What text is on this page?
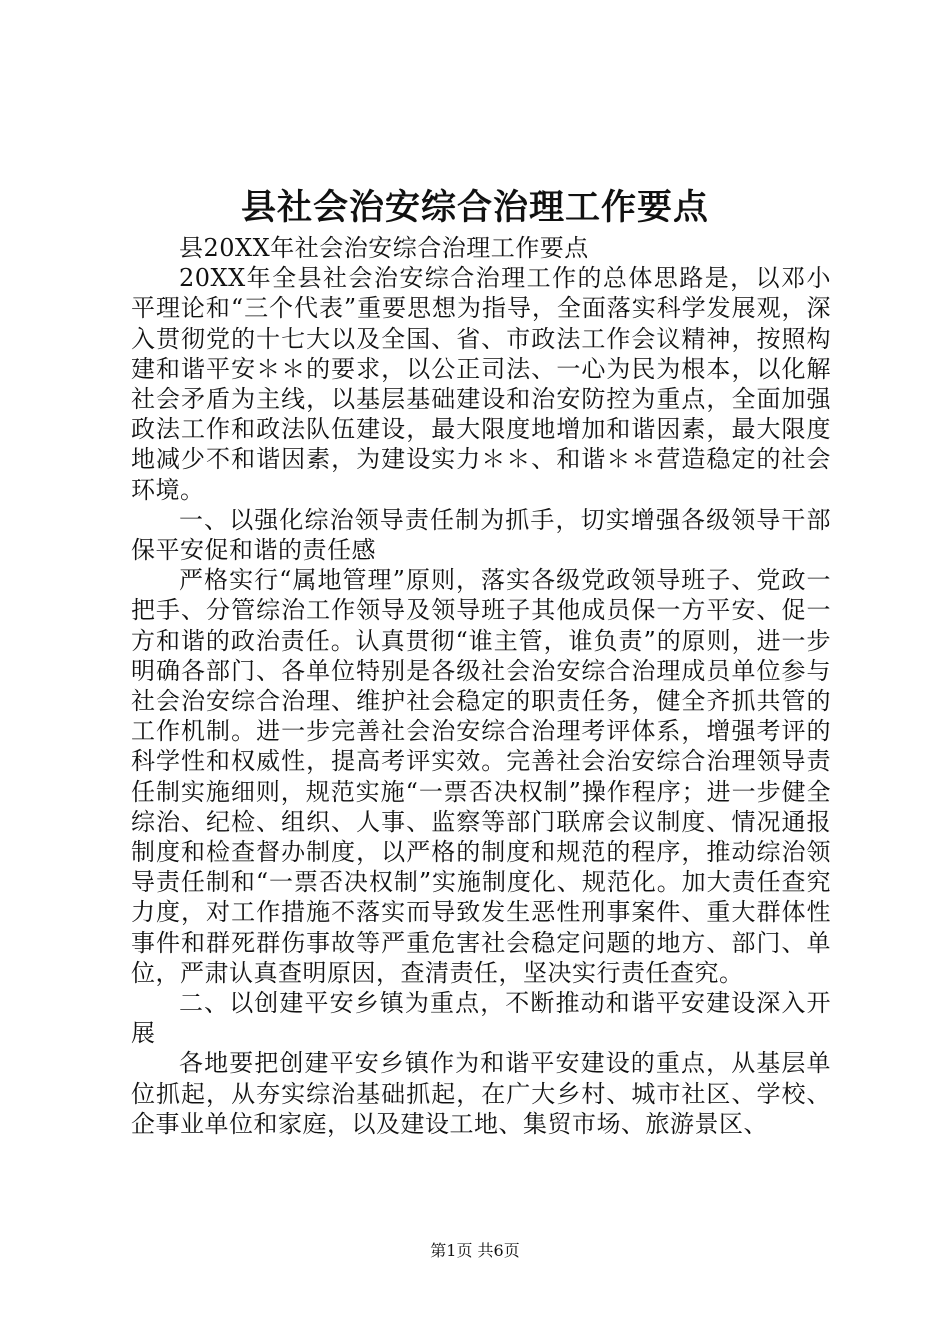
县社会治安综合治理工作要点

县20XX年社会治安综合治理工作要点

20XX年全县社会治安综合治理工作的总体思路是，以邓小平理论和“三个代表”重要思想为指导，全面落实科学发展观，深入贯彻党的十七大以及全国、省、市政法工作会议精神，按照构建和谐平安＊＊的要求，以公正司法、一心为民为根本，以化解社会矛盾为主线，以基层基础建设和治安防控为重点，全面加强政法工作和政法队伍建设，最大限度地增加和谐因素，最大限度地减少不和谐因素，为建设实力＊＊、和谐＊＊营造稳定的社会环境。

一、以强化综治领导责任制为抓手，切实增强各级领导干部保平安促和谐的责任感

严格实行“属地管理”原则，落实各级党政领导班子、党政一把手、分管综治工作领导及领导班子其他成员保一方平安、促一方和谐的政治责任。认真贯彻“谁主管，谁负责”的原则，进一步明确各部门、各单位特别是各级社会治安综合治理成员单位参与社会治安综合治理、维护社会稳定的职责任务，健全齐抓共管的工作机制。进一步完善社会治安综合治理考评体系，增强考评的科学性和权威性，提高考评实效。完善社会治安综合治理领导责任制实施细则，规范实施“一票否决权制”操作程序；进一步健全综治、纪检、组织、人事、监察等部门联席会议制度、情况通报制度和检查督办制度，以严格的制度和规范的程序，推动综治领导责任制和“一票否决权制”实施制度化、规范化。加大责任查究力度，对工作措施不落实而导致发生恶性刑事案件、重大群体性事件和群死群伤事故等严重危害社会稳定问题的地方、部门、单位，严肃认真查明原因，查清责任，坚决实行责任查究。

二、以创建平安乡镇为重点，不断推动和谐平安建设深入开展

各地要把创建平安乡镇作为和谐平安建设的重点，从基层单位抓起，从夯实综治基础抓起，在广大乡村、城市社区、学校、企事业单位和家庭，以及建设工地、集贸市场、旅游景区、

第1页 共6页
